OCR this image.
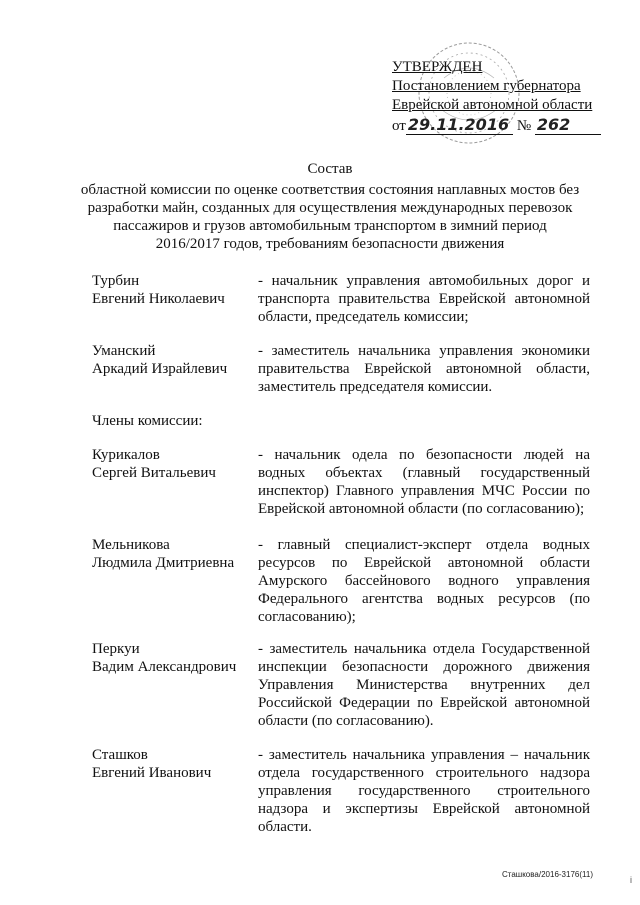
УТВЕРЖДЕН
Постановлением губернатора
Еврейской автономной области
от 29.11.2016 № 262
Состав
областной комиссии по оценке соответствия состояния наплавных мостов без
разработки майн, созданных для осуществления международных перевозок
пассажиров и грузов автомобильным транспортом в зимний период
2016/2017 годов, требованиям безопасности движения
Турбин
Евгений Николаевич
- начальник управления автомобильных дорог и транспорта правительства Еврейской автономной области, председатель комиссии;
Уманский
Аркадий Израйлевич
- заместитель начальника управления экономики правительства Еврейской автономной области, заместитель председателя комиссии.
Члены комиссии:
Курикалов
Сергей Витальевич
- начальник одела по безопасности людей на водных объектах (главный государственный инспектор) Главного управления МЧС России по Еврейской автономной области (по согласованию);
Мельникова
Людмила Дмитриевна
- главный специалист-эксперт отдела водных ресурсов по Еврейской автономной области Амурского бассейнового водного управления Федерального агентства водных ресурсов (по согласованию);
Перкуи
Вадим Александрович
- заместитель начальника отдела Государственной инспекции безопасности дорожного движения Управления Министерства внутренних дел Российской Федерации по Еврейской автономной области (по согласованию).
Сташков
Евгений Иванович
- заместитель начальника управления – начальник отдела государственного строительного надзора управления государственного строительного надзора и экспертизы Еврейской автономной области.
Сташкова/2016-3176(11)
i
